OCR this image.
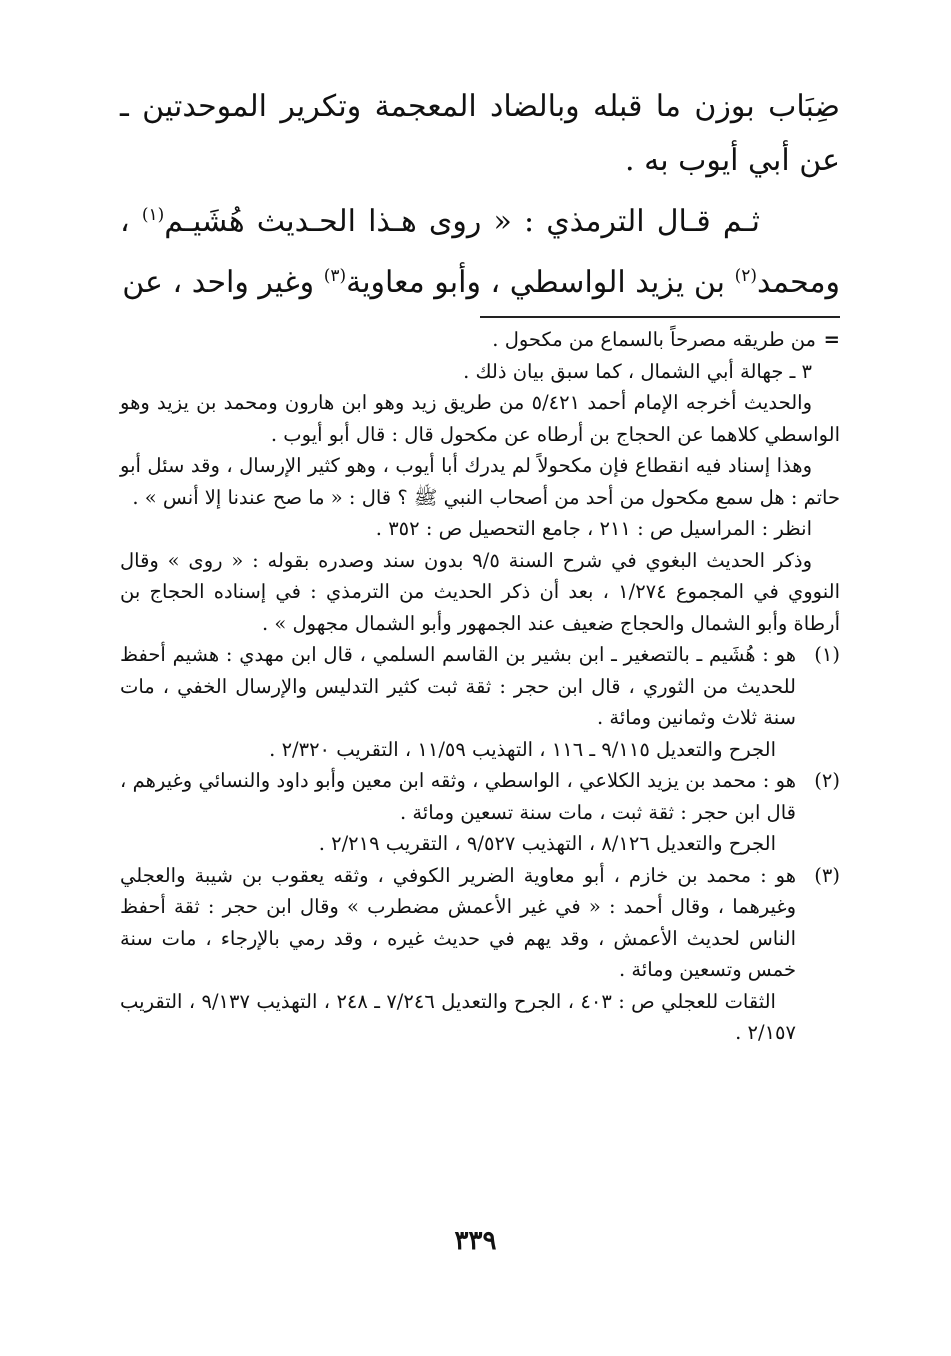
ضِبَاب بوزن ما قبله وبالضاد المعجمة وتكرير الموحدتين ـ عن أبي أيوب به .

ثـم قـال الترمذي : « روى هـذا الحـديث هُشَيـم$^{(١)}$ ، ومحمد$^{(٢)}$ بن يزيد الواسطي ، وأبو معاوية$^{(٣)}$ وغير واحد ، عن

=من طريقه مصرحاً بالسماع من مكحول .

٣ ـ جهالة أبي الشمال ، كما سبق بيان ذلك .

والحديث أخرجه الإمام أحمد ٥/٤٢١ من طريق زيد وهو ابن هارون ومحمد بن يزيد وهو الواسطي كلاهما عن الحجاج بن أرطاه عن مكحول قال : قال أبو أيوب .

وهذا إسناد فيه انقطاع فإن مكحولاً لم يدرك أبا أيوب ، وهو كثير الإرسال ، وقد سئل أبو حاتم : هل سمع مكحول من أحد من أصحاب النبي ﷺ ؟ قال : « ما صح عندنا إلا أنس » .

انظر : المراسيل ص : ٢١١ ، جامع التحصيل ص : ٣٥٢ .

وذكر الحديث البغوي في شرح السنة ٩/٥ بدون سند وصدره بقوله : « روى » وقال النووي في المجموع ١/٢٧٤ ، بعد أن ذكر الحديث من الترمذي : في إسناده الحجاج بن أرطاة وأبو الشمال والحجاج ضعيف عند الجمهور وأبو الشمال مجهول » .

(١)

هو : هُشَيم ـ بالتصغير ـ ابن بشير بن القاسم السلمي ، قال ابن مهدي : هشيم أحفظ للحديث من الثوري ، قال ابن حجر : ثقة ثبت كثير التدليس والإرسال الخفي ، مات سنة ثلاث وثمانين ومائة .

الجرح والتعديل ٩/١١٥ ـ ١١٦ ، التهذيب ١١/٥٩ ، التقريب ٢/٣٢٠ .

(٢)

هو : محمد بن يزيد الكلاعي ، الواسطي ، وثقه ابن معين وأبو داود والنسائي وغيرهم ، قال ابن حجر : ثقة ثبت ، مات سنة تسعين ومائة .

الجرح والتعديل ٨/١٢٦ ، التهذيب ٩/٥٢٧ ، التقريب ٢/٢١٩ .

(٣)

هو : محمد بن خازم ، أبو معاوية الضرير الكوفي ، وثقه يعقوب بن شيبة والعجلي وغيرهما ، وقال أحمد : « في غير الأعمش مضطرب » وقال ابن حجر : ثقة أحفظ الناس لحديث الأعمش ، وقد يهم في حديث غيره ، وقد رمي بالإرجاء ، مات سنة خمس وتسعين ومائة .

الثقات للعجلي ص : ٤٠٣ ، الجرح والتعديل ٧/٢٤٦ ـ ٢٤٨ ، التهذيب ٩/١٣٧ ، التقريب ٢/١٥٧ .

٣٣٩
